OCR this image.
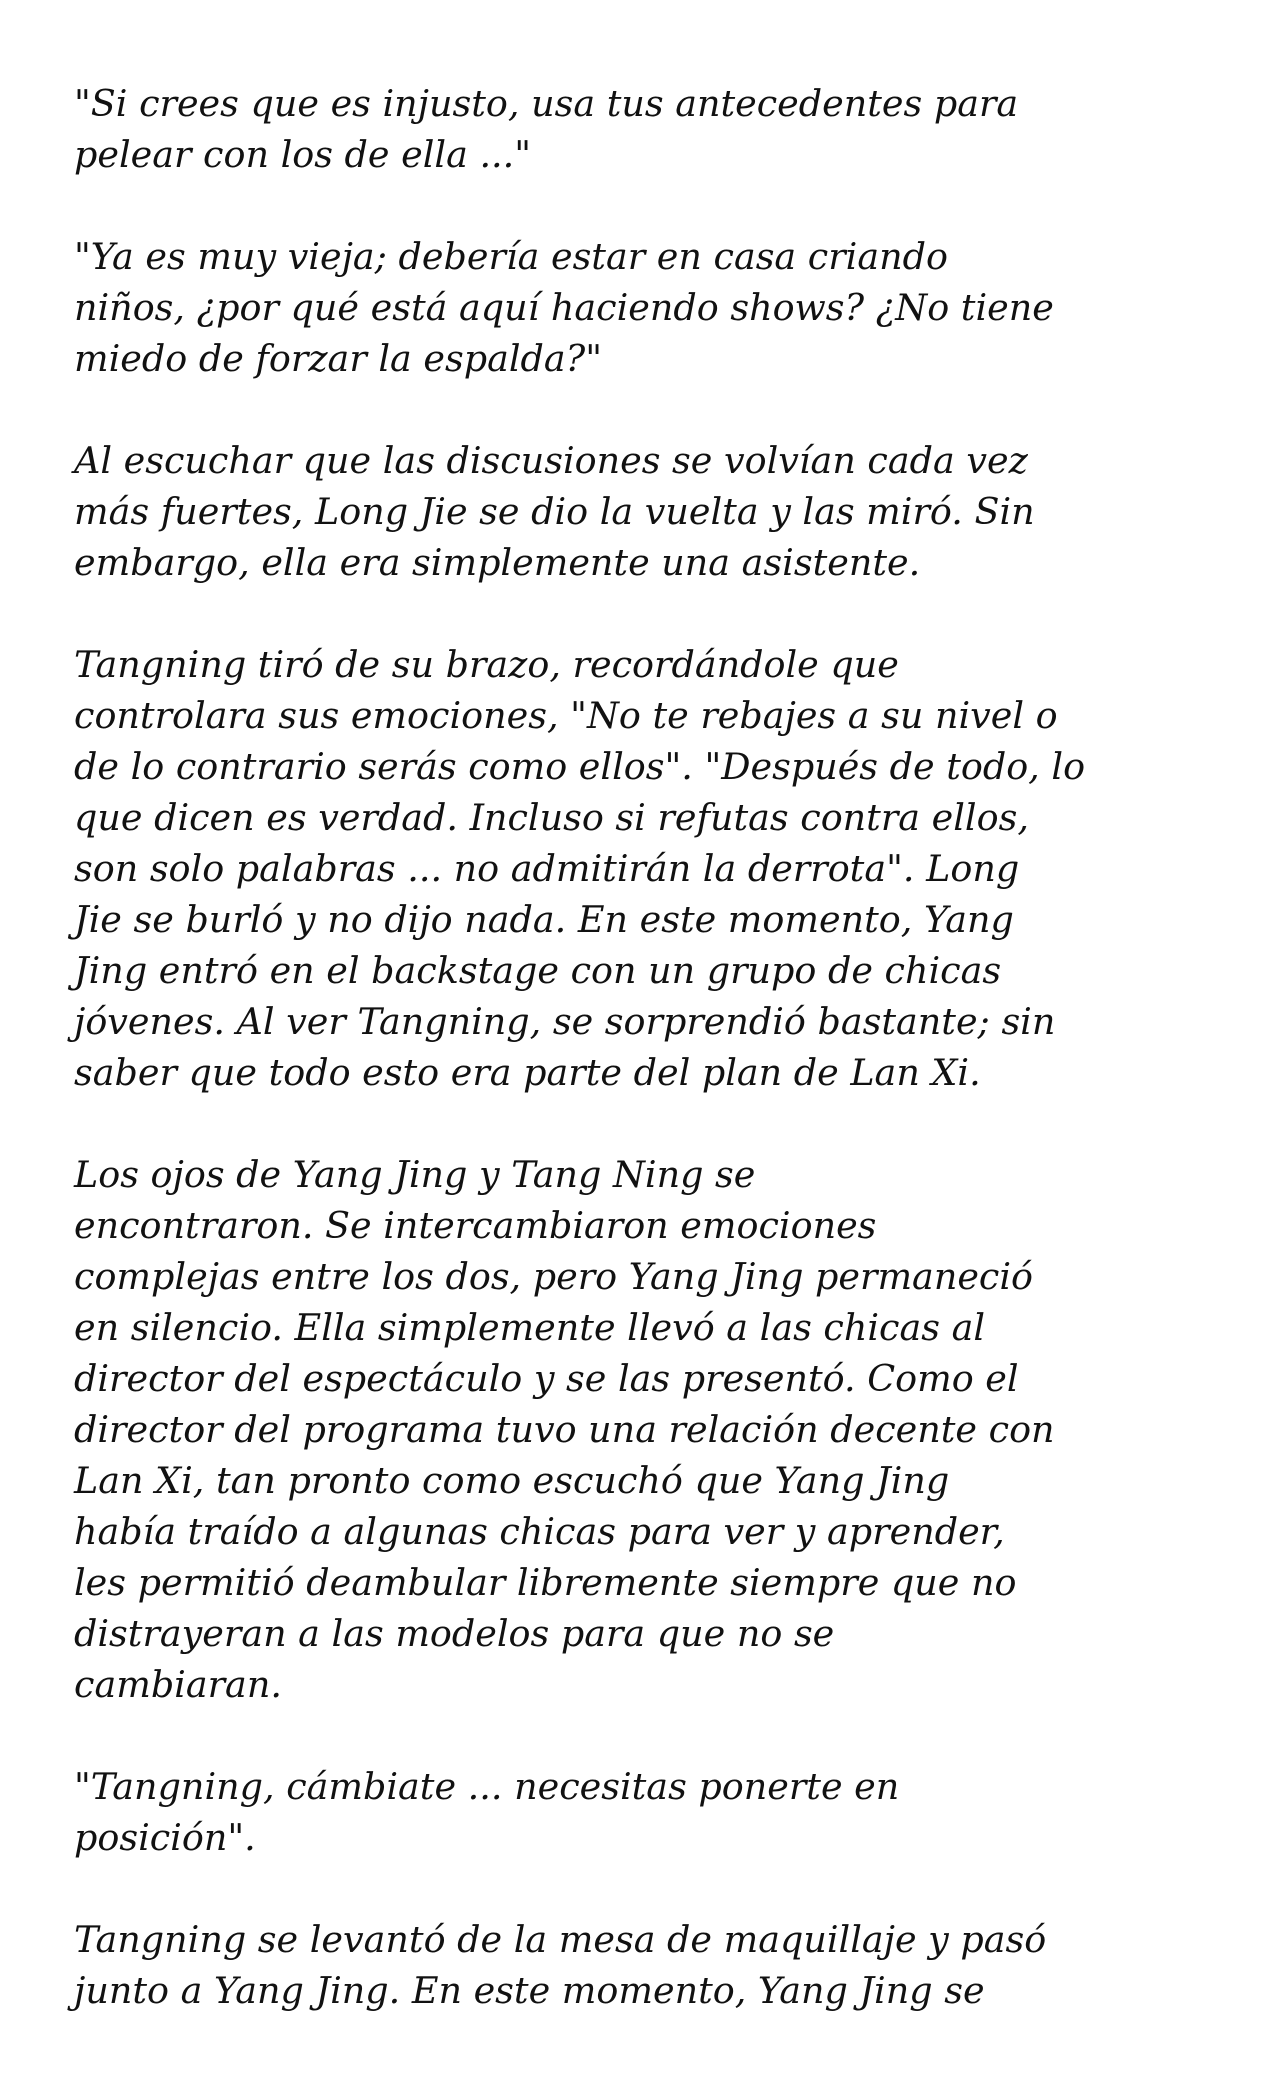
"Si crees que es injusto, usa tus antecedentes para
pelear con los de ella ..."

"Ya es muy vieja; debería estar en casa criando
niños, ¿por qué está aquí haciendo shows? ¿No tiene
miedo de forzar la espalda?"

Al escuchar que las discusiones se volvían cada vez
más fuertes, Long Jie se dio la vuelta y las miró. Sin
embargo, ella era simplemente una asistente.

Tangning tiró de su brazo, recordándole que
controlara sus emociones, "No te rebajes a su nivel o
de lo contrario serás como ellos". "Después de todo, lo
que dicen es verdad. Incluso si refutas contra ellos,
son solo palabras ... no admitirán la derrota". Long
Jie se burló y no dijo nada. En este momento, Yang
Jing entró en el backstage con un grupo de chicas
jóvenes. Al ver Tangning, se sorprendió bastante; sin
saber que todo esto era parte del plan de Lan Xi.

Los ojos de Yang Jing y Tang Ning se
encontraron. Se intercambiaron emociones
complejas entre los dos, pero Yang Jing permaneció
en silencio. Ella simplemente llevó a las chicas al
director del espectáculo y se las presentó. Como el
director del programa tuvo una relación decente con
Lan Xi, tan pronto como escuchó que Yang Jing
había traído a algunas chicas para ver y aprender,
les permitió deambular libremente siempre que no
distrayeran a las modelos para que no se
cambiaran.

"Tangning, cámbiate ... necesitas ponerte en
posición".

Tangning se levantó de la mesa de maquillaje y pasó
junto a Yang Jing. En este momento, Yang Jing se
